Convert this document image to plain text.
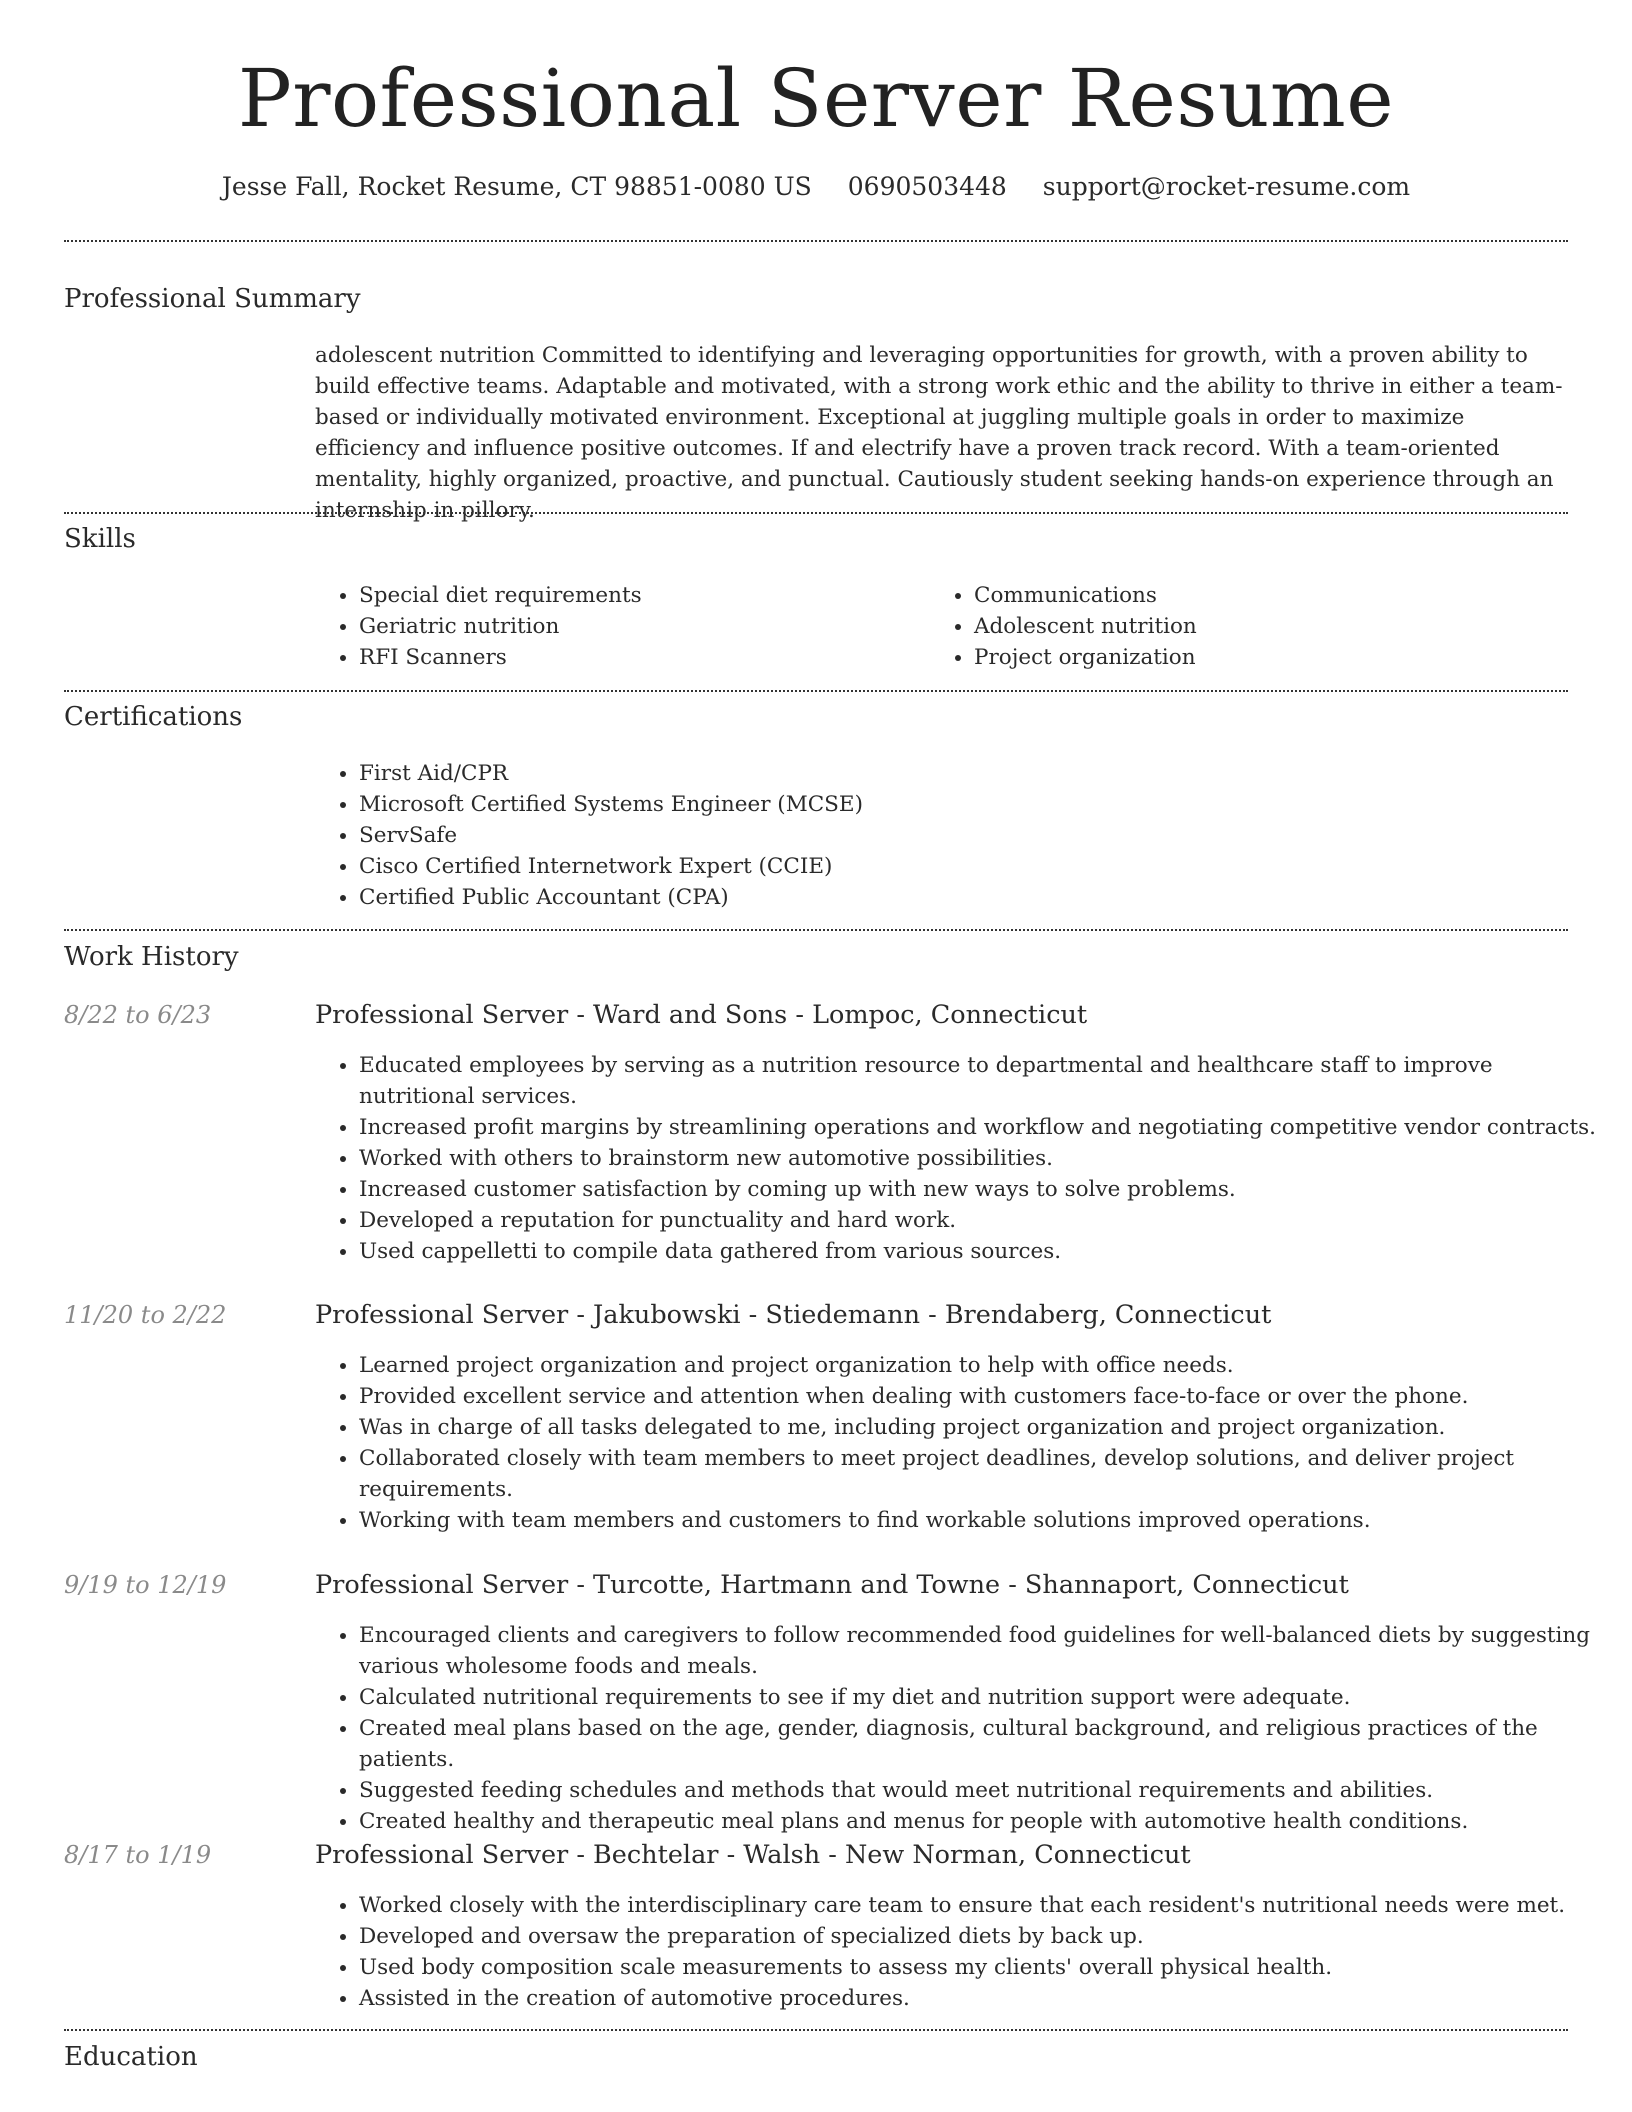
Professional Server Resume
Jesse Fall, Rocket Resume, CT 98851-0080 US 0690503448 support@rocket-resume.com
Professional Summary
adolescent nutrition Committed to identifying and leveraging opportunities for growth, with a proven ability to build effective teams. Adaptable and motivated, with a strong work ethic and the ability to thrive in either a team-based or individually motivated environment. Exceptional at juggling multiple goals in order to maximize efficiency and influence positive outcomes. If and electrify have a proven track record. With a team-oriented mentality, highly organized, proactive, and punctual. Cautiously student seeking hands-on experience through an internship in pillory.
Skills
• Special diet requirements
• Geriatric nutrition
• RFI Scanners
• Communications
• Adolescent nutrition
• Project organization
Certifications
• First Aid/CPR
• Microsoft Certified Systems Engineer (MCSE)
• ServSafe
• Cisco Certified Internetwork Expert (CCIE)
• Certified Public Accountant (CPA)
Work History
8/22 to 6/23	Professional Server - Ward and Sons - Lompoc, Connecticut
• Educated employees by serving as a nutrition resource to departmental and healthcare staff to improve nutritional services.
• Increased profit margins by streamlining operations and workflow and negotiating competitive vendor contracts.
• Worked with others to brainstorm new automotive possibilities.
• Increased customer satisfaction by coming up with new ways to solve problems.
• Developed a reputation for punctuality and hard work.
• Used cappelletti to compile data gathered from various sources.
11/20 to 2/22	Professional Server - Jakubowski - Stiedemann - Brendaberg, Connecticut
• Learned project organization and project organization to help with office needs.
• Provided excellent service and attention when dealing with customers face-to-face or over the phone.
• Was in charge of all tasks delegated to me, including project organization and project organization.
• Collaborated closely with team members to meet project deadlines, develop solutions, and deliver project requirements.
• Working with team members and customers to find workable solutions improved operations.
9/19 to 12/19	Professional Server - Turcotte, Hartmann and Towne - Shannaport, Connecticut
• Encouraged clients and caregivers to follow recommended food guidelines for well-balanced diets by suggesting various wholesome foods and meals.
• Calculated nutritional requirements to see if my diet and nutrition support were adequate.
• Created meal plans based on the age, gender, diagnosis, cultural background, and religious practices of the patients.
• Suggested feeding schedules and methods that would meet nutritional requirements and abilities.
• Created healthy and therapeutic meal plans and menus for people with automotive health conditions.
8/17 to 1/19	Professional Server - Bechtelar - Walsh - New Norman, Connecticut
• Worked closely with the interdisciplinary care team to ensure that each resident's nutritional needs were met.
• Developed and oversaw the preparation of specialized diets by back up.
• Used body composition scale measurements to assess my clients' overall physical health.
• Assisted in the creation of automotive procedures.
Education
